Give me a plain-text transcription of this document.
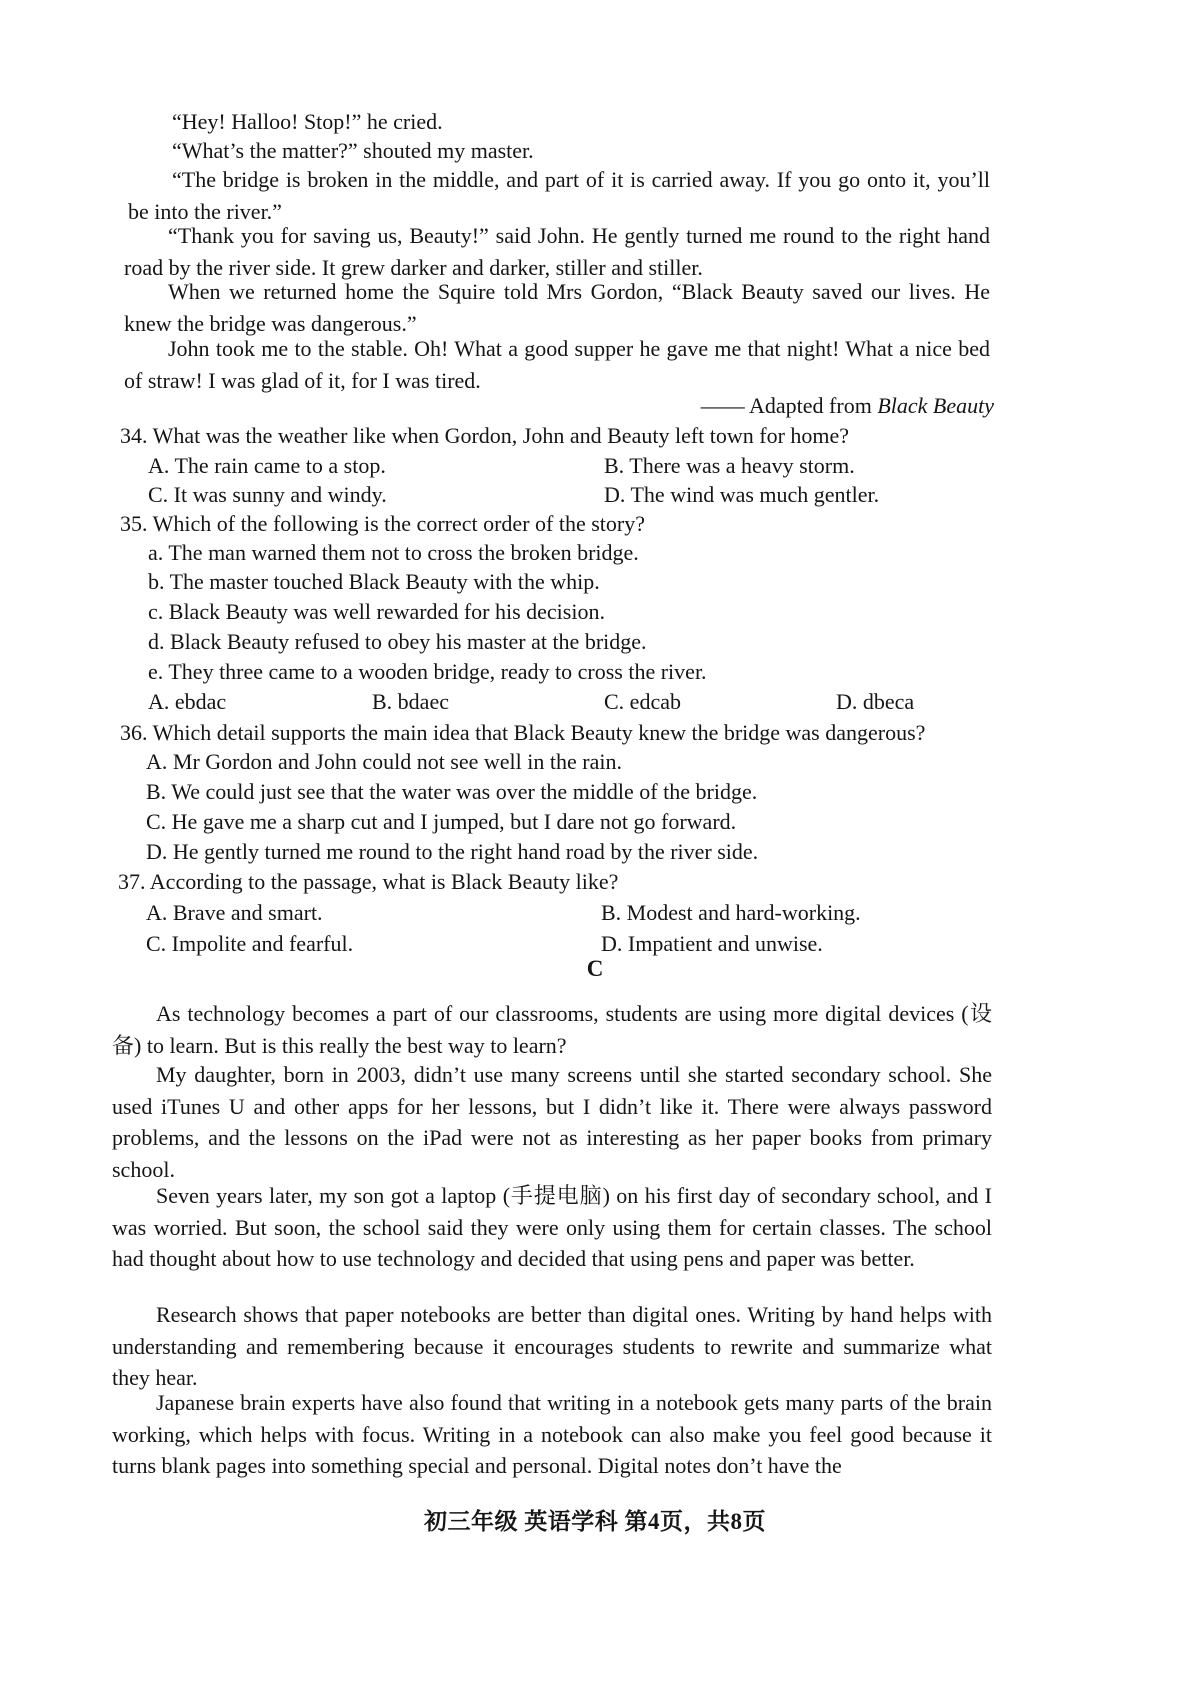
“Hey! Halloo! Stop!” he cried.
“What’s the matter?” shouted my master.
“The bridge is broken in the middle, and part of it is carried away. If you go onto it, you’ll be into the river.”
“Thank you for saving us, Beauty!” said John. He gently turned me round to the right hand road by the river side. It grew darker and darker, stiller and stiller.
When we returned home the Squire told Mrs Gordon, “Black Beauty saved our lives. He knew the bridge was dangerous.”
John took me to the stable. Oh! What a good supper he gave me that night! What a nice bed of straw! I was glad of it, for I was tired.
—— Adapted from Black Beauty
34. What was the weather like when Gordon, John and Beauty left town for home?
A. The rain came to a stop.	B. There was a heavy storm.
C. It was sunny and windy.	D. The wind was much gentler.
35. Which of the following is the correct order of the story?
a. The man warned them not to cross the broken bridge.
b. The master touched Black Beauty with the whip.
c. Black Beauty was well rewarded for his decision.
d. Black Beauty refused to obey his master at the bridge.
e. They three came to a wooden bridge, ready to cross the river.
A. ebdac	B. bdaec	C. edcab	D. dbeca
36. Which detail supports the main idea that Black Beauty knew the bridge was dangerous?
A. Mr Gordon and John could not see well in the rain.
B. We could just see that the water was over the middle of the bridge.
C. He gave me a sharp cut and I jumped, but I dare not go forward.
D. He gently turned me round to the right hand road by the river side.
37. According to the passage, what is Black Beauty like?
A. Brave and smart.	B. Modest and hard-working.
C. Impolite and fearful.	D. Impatient and unwise.
C
As technology becomes a part of our classrooms, students are using more digital devices (设备) to learn. But is this really the best way to learn?
My daughter, born in 2003, didn’t use many screens until she started secondary school. She used iTunes U and other apps for her lessons, but I didn’t like it. There were always password problems, and the lessons on the iPad were not as interesting as her paper books from primary school.
Seven years later, my son got a laptop (手提电脑) on his first day of secondary school, and I was worried. But soon, the school said they were only using them for certain classes. The school had thought about how to use technology and decided that using pens and paper was better.
Research shows that paper notebooks are better than digital ones. Writing by hand helps with understanding and remembering because it encourages students to rewrite and summarize what they hear.
Japanese brain experts have also found that writing in a notebook gets many parts of the brain working, which helps with focus. Writing in a notebook can also make you feel good because it turns blank pages into something special and personal. Digital notes don’t have the
初三年级 英语学科 第4页，共8页
